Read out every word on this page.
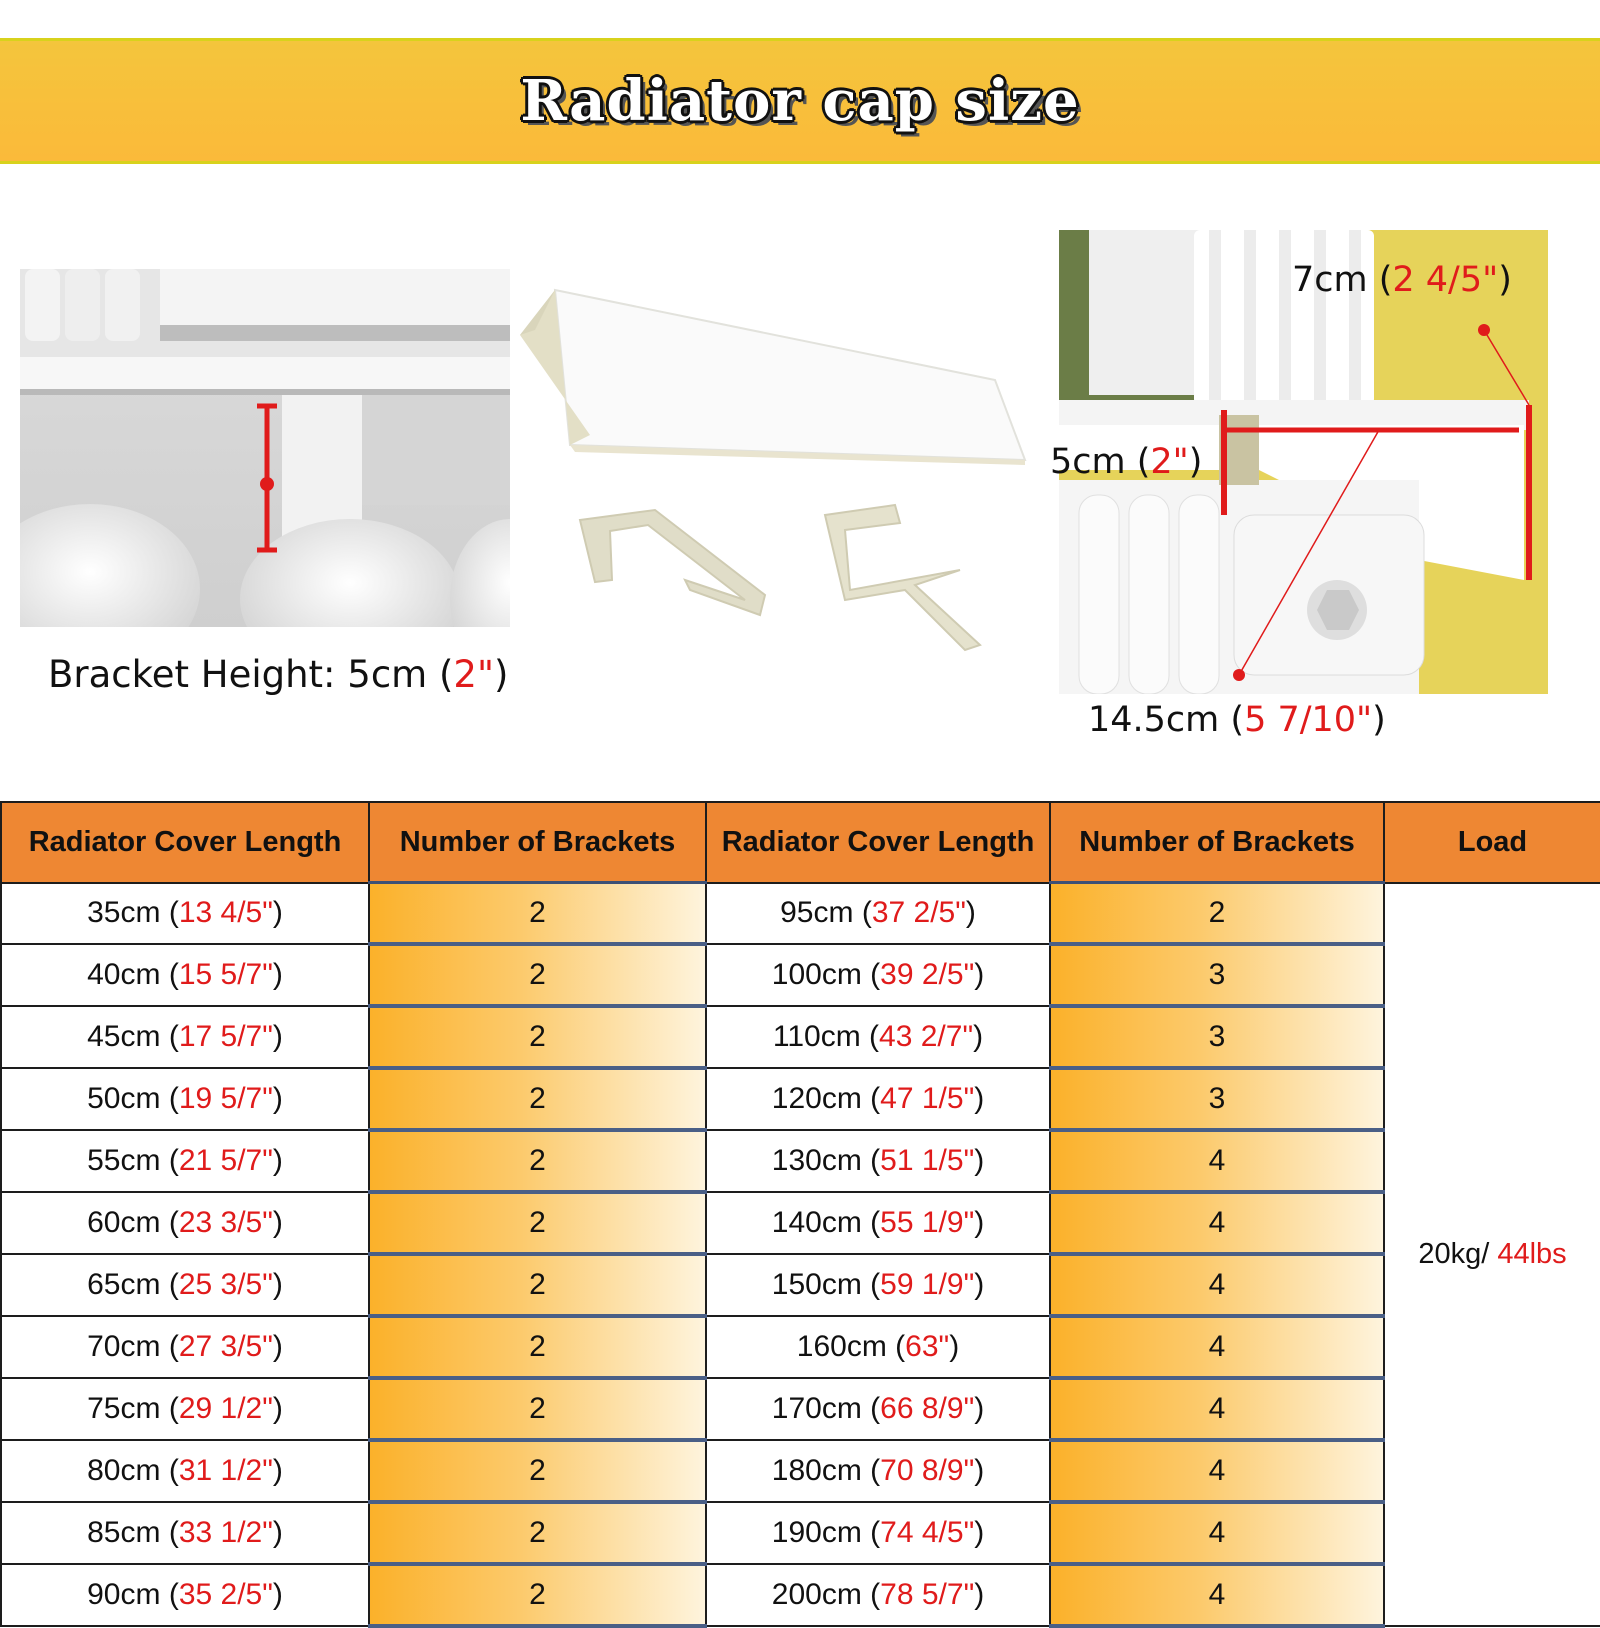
Radiator cap size
Bracket Height: 5cm (2")
7cm (2 4/5")
5cm (2")
14.5cm (5 7/10")
Radiator Cover Length	Number of Brackets	Radiator Cover Length	Number of Brackets	Load
35cm (13 4/5")	2	95cm (37 2/5")	2	20kg/ 44lbs
40cm (15 5/7")	2	100cm (39 2/5")	3	
45cm (17 5/7")	2	110cm (43 2/7")	3	
50cm (19 5/7")	2	120cm (47 1/5")	3	
55cm (21 5/7")	2	130cm (51 1/5")	4	
60cm (23 3/5")	2	140cm (55 1/9")	4	
65cm (25 3/5")	2	150cm (59 1/9")	4	
70cm (27 3/5")	2	160cm (63")	4	
75cm (29 1/2")	2	170cm (66 8/9")	4	
80cm (31 1/2")	2	180cm (70 8/9")	4	
85cm (33 1/2")	2	190cm (74 4/5")	4	
90cm (35 2/5")	2	200cm (78 5/7")	4	
